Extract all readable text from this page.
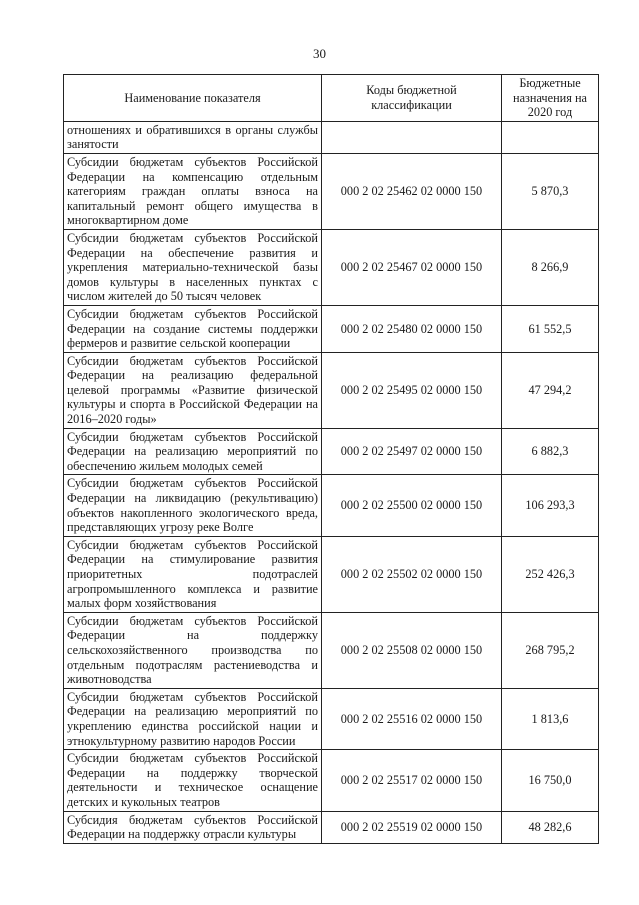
30
Наименование показателя	Коды бюджетной классификации	Бюджетные назначения на 2020 год
отношениях и обратившихся в органы службы занятости		
Субсидии бюджетам субъектов Российской Федерации на компенсацию отдельным категориям граждан оплаты взноса на капитальный ремонт общего имущества в многоквартирном доме	000 2 02 25462 02 0000 150	5 870,3
Субсидии бюджетам субъектов Российской Федерации на обеспечение развития и укрепления материально-технической базы домов культуры в населенных пунктах с числом жителей до 50 тысяч человек	000 2 02 25467 02 0000 150	8 266,9
Субсидии бюджетам субъектов Российской Федерации на создание системы поддержки фермеров и развитие сельской кооперации	000 2 02 25480 02 0000 150	61 552,5
Субсидии бюджетам субъектов Российской Федерации на реализацию федеральной целевой программы «Развитие физической культуры и спорта в Российской Федерации на 2016–2020 годы»	000 2 02 25495 02 0000 150	47 294,2
Субсидии бюджетам субъектов Российской Федерации на реализацию мероприятий по обеспечению жильем молодых семей	000 2 02 25497 02 0000 150	6 882,3
Субсидии бюджетам субъектов Российской Федерации на ликвидацию (рекультивацию) объектов накопленного экологического вреда, представляющих угрозу реке Волге	000 2 02 25500 02 0000 150	106 293,3
Субсидии бюджетам субъектов Российской Федерации на стимулирование развития приоритетных подотраслей агропромышленного комплекса и развитие малых форм хозяйствования	000 2 02 25502 02 0000 150	252 426,3
Субсидии бюджетам субъектов Российской Федерации на поддержку сельскохозяйственного производства по отдельным подотраслям растениеводства и животноводства	000 2 02 25508 02 0000 150	268 795,2
Субсидии бюджетам субъектов Российской Федерации на реализацию мероприятий по укреплению единства российской нации и этнокультурному развитию народов России	000 2 02 25516 02 0000 150	1 813,6
Субсидии бюджетам субъектов Российской Федерации на поддержку творческой деятельности и техническое оснащение детских и кукольных театров	000 2 02 25517 02 0000 150	16 750,0
Субсидия бюджетам субъектов Российской Федерации на поддержку отрасли культуры	000 2 02 25519 02 0000 150	48 282,6
